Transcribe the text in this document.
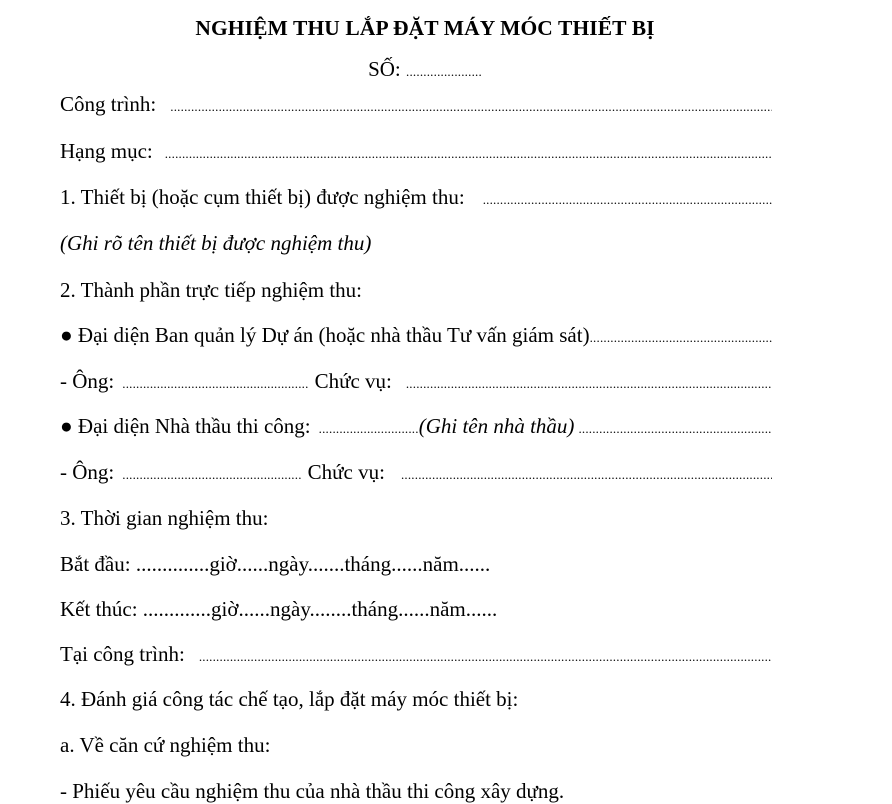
NGHIỆM THU LẮP ĐẶT MÁY MÓC THIẾT BỊ
SỐ: ......................
Công trình:
.....
Hạng mục:
.....
1. Thiết bị (hoặc cụm thiết bị) được nghiệm thu:
.....
(Ghi rõ tên thiết bị được nghiệm thu)
2. Thành phần trực tiếp nghiệm thu:
● Đại diện Ban quản lý Dự án (hoặc nhà thầu Tư vấn giám sát)
.....
- Ông: ...................................................... Chức vụ:
.....
● Đại diện Nhà thầu thi công: ............................. (Ghi tên nhà thầu)
.....
- Ông: .................................................... Chức vụ:
.....
3. Thời gian nghiệm thu:
Bắt đầu: ..............giờ......ngày.......tháng......năm......
Kết thúc: .............giờ......ngày........tháng......năm......
Tại công trình:
.....
4. Đánh giá công tác chế tạo, lắp đặt máy móc thiết bị:
a. Về căn cứ nghiệm thu:
- Phiếu yêu cầu nghiệm thu của nhà thầu thi công xây dựng.
